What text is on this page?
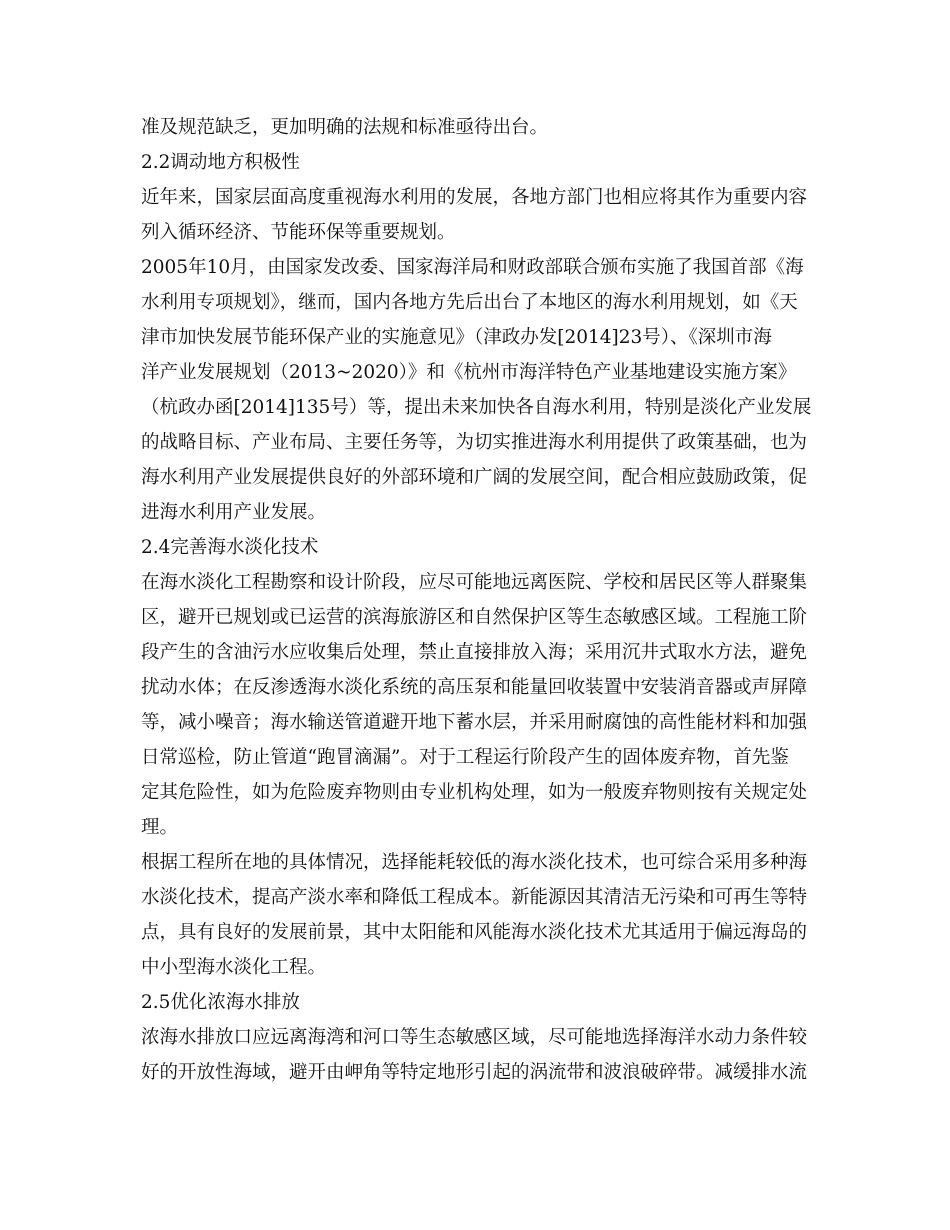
准及规范缺乏，更加明确的法规和标准亟待出台。
2.2调动地方积极性
近年来，国家层面高度重视海水利用的发展，各地方部门也相应将其作为重要内容
列入循环经济、节能环保等重要规划。
2005年10月，由国家发改委、国家海洋局和财政部联合颁布实施了我国首部《海
水利用专项规划》，继而，国内各地方先后出台了本地区的海水利用规划，如《天
津市加快发展节能环保产业的实施意见》（津政办发[2014]23号）、《深圳市海
洋产业发展规划（2013~2020）》和《杭州市海洋特色产业基地建设实施方案》
（杭政办函[2014]135号）等，提出未来加快各自海水利用，特别是淡化产业发展
的战略目标、产业布局、主要任务等，为切实推进海水利用提供了政策基础，也为
海水利用产业发展提供良好的外部环境和广阔的发展空间，配合相应鼓励政策，促
进海水利用产业发展。
2.4完善海水淡化技术
在海水淡化工程勘察和设计阶段，应尽可能地远离医院、学校和居民区等人群聚集
区，避开已规划或已运营的滨海旅游区和自然保护区等生态敏感区域。工程施工阶
段产生的含油污水应收集后处理，禁止直接排放入海；采用沉井式取水方法，避免
扰动水体；在反渗透海水淡化系统的高压泵和能量回收装置中安装消音器或声屏障
等，减小噪音；海水输送管道避开地下蓄水层，并采用耐腐蚀的高性能材料和加强
日常巡检，防止管道“跑冒滴漏”。对于工程运行阶段产生的固体废弃物，首先鉴
定其危险性，如为危险废弃物则由专业机构处理，如为一般废弃物则按有关规定处
理。
根据工程所在地的具体情况，选择能耗较低的海水淡化技术，也可综合采用多种海
水淡化技术，提高产淡水率和降低工程成本。新能源因其清洁无污染和可再生等特
点，具有良好的发展前景，其中太阳能和风能海水淡化技术尤其适用于偏远海岛的
中小型海水淡化工程。
2.5优化浓海水排放
浓海水排放口应远离海湾和河口等生态敏感区域，尽可能地选择海洋水动力条件较
好的开放性海域，避开由岬角等特定地形引起的涡流带和波浪破碎带。减缓排水流
